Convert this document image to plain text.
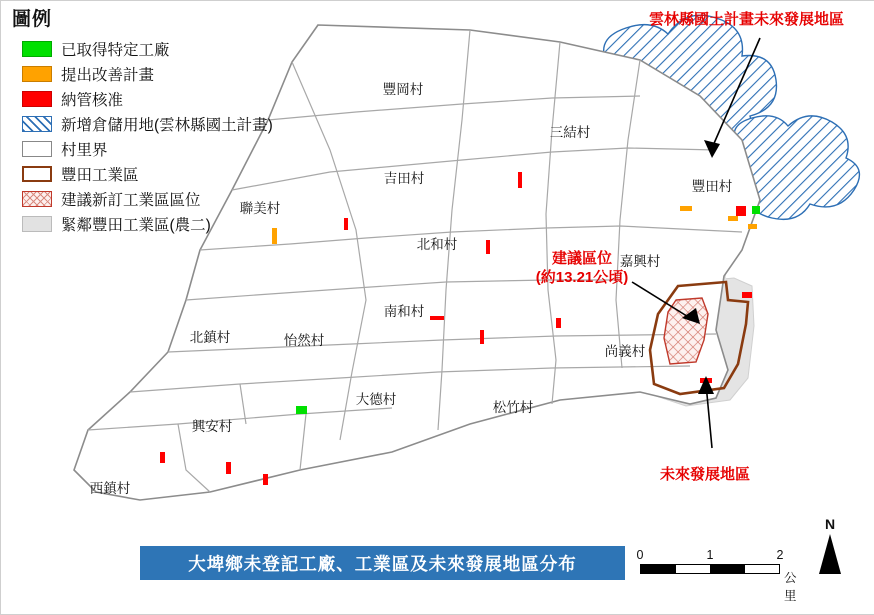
圖例
已取得特定工廠
提出改善計畫
納管核准
新增倉儲用地(雲林縣國土計畫)
村里界
豐田工業區
建議新訂工業區區位
緊鄰豐田工業區(農二)
豐岡村
三結村
吉田村
豐田村
聯美村
北和村
嘉興村
南和村
北鎮村	怡然村
尚義村
大德村
松竹村
興安村
西鎮村
雲林縣國土計畫未來發展地區
建議區位
(約13.21公頃)
未來發展地區
大埤鄉未登記工廠、工業區及未來發展地區分布	0	1	2
公里
N
